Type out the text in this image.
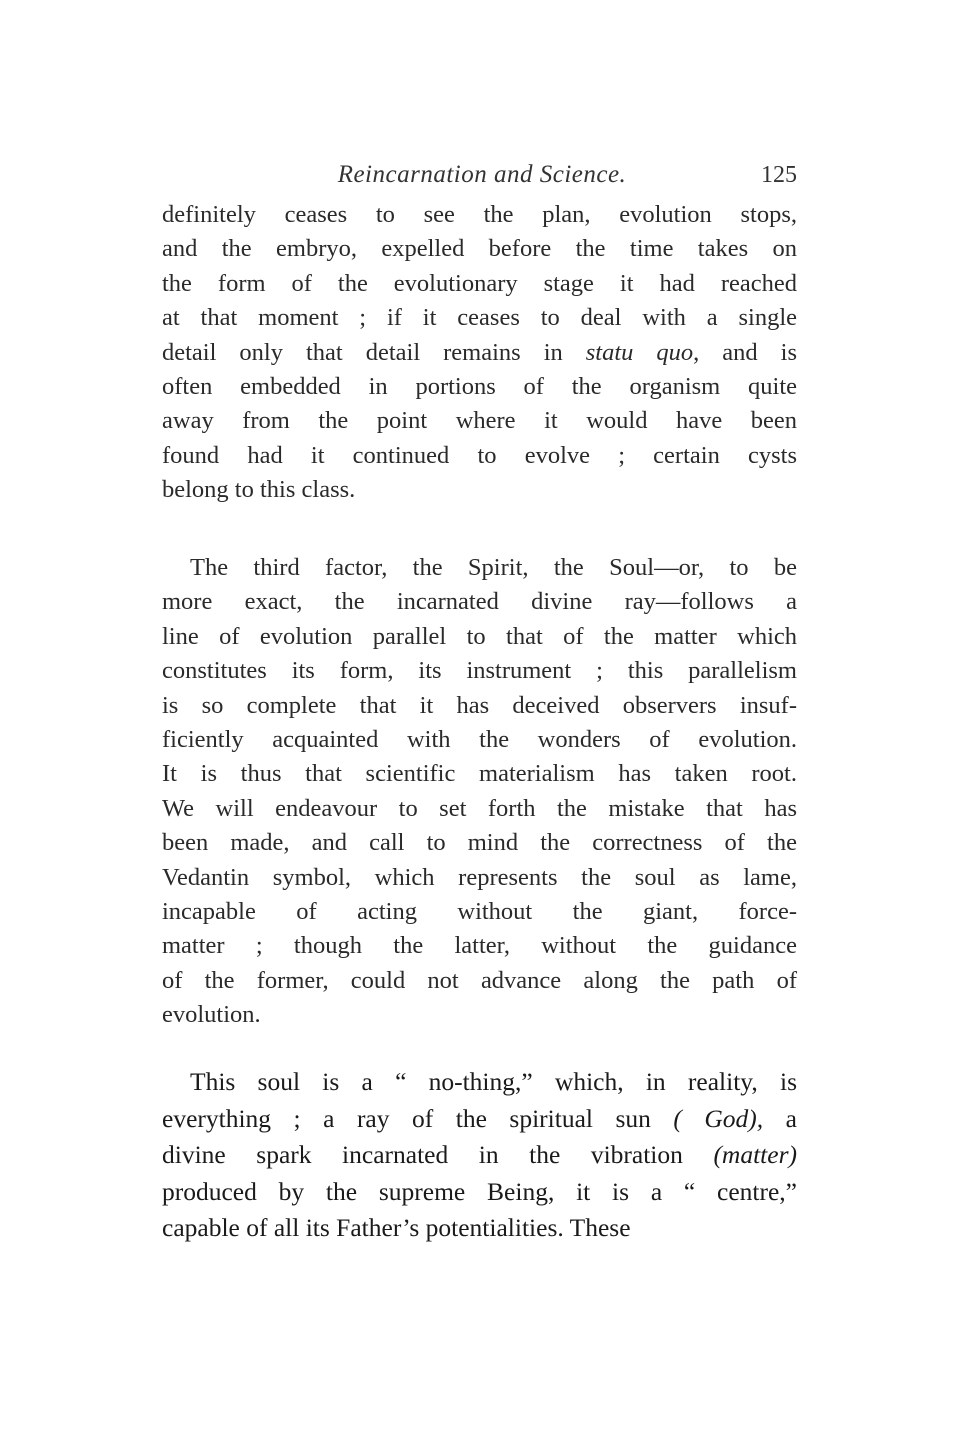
Reincarnation and Science.	125
definitely ceases to see the plan, evolution stops,
and the embryo, expelled before the time takes on
the form of the evolutionary stage it had reached
at that moment ; if it ceases to deal with a single
detail only that detail remains in statu quo, and is
often embedded in portions of the organism quite
away from the point where it would have been
found had it continued to evolve ; certain cysts
belong to this class.
The third factor, the Spirit, the Soul—or, to be
more exact, the incarnated divine ray—follows a
line of evolution parallel to that of the matter which
constitutes its form, its instrument ; this parallelism
is so complete that it has deceived observers insuf-
ficiently acquainted with the wonders of evolution.
It is thus that scientific materialism has taken root.
We will endeavour to set forth the mistake that has
been made, and call to mind the correctness of the
Vedantin symbol, which represents the soul as lame,
incapable of acting without the giant, force-
matter ; though the latter, without the guidance
of the former, could not advance along the path of
evolution.
This soul is a “ no-thing,” which, in reality, is
everything ; a ray of the spiritual sun ( God), a
divine spark incarnated in the vibration (matter)
produced by the supreme Being, it is a “ centre,”
capable of all its Father’s potentialities. These
